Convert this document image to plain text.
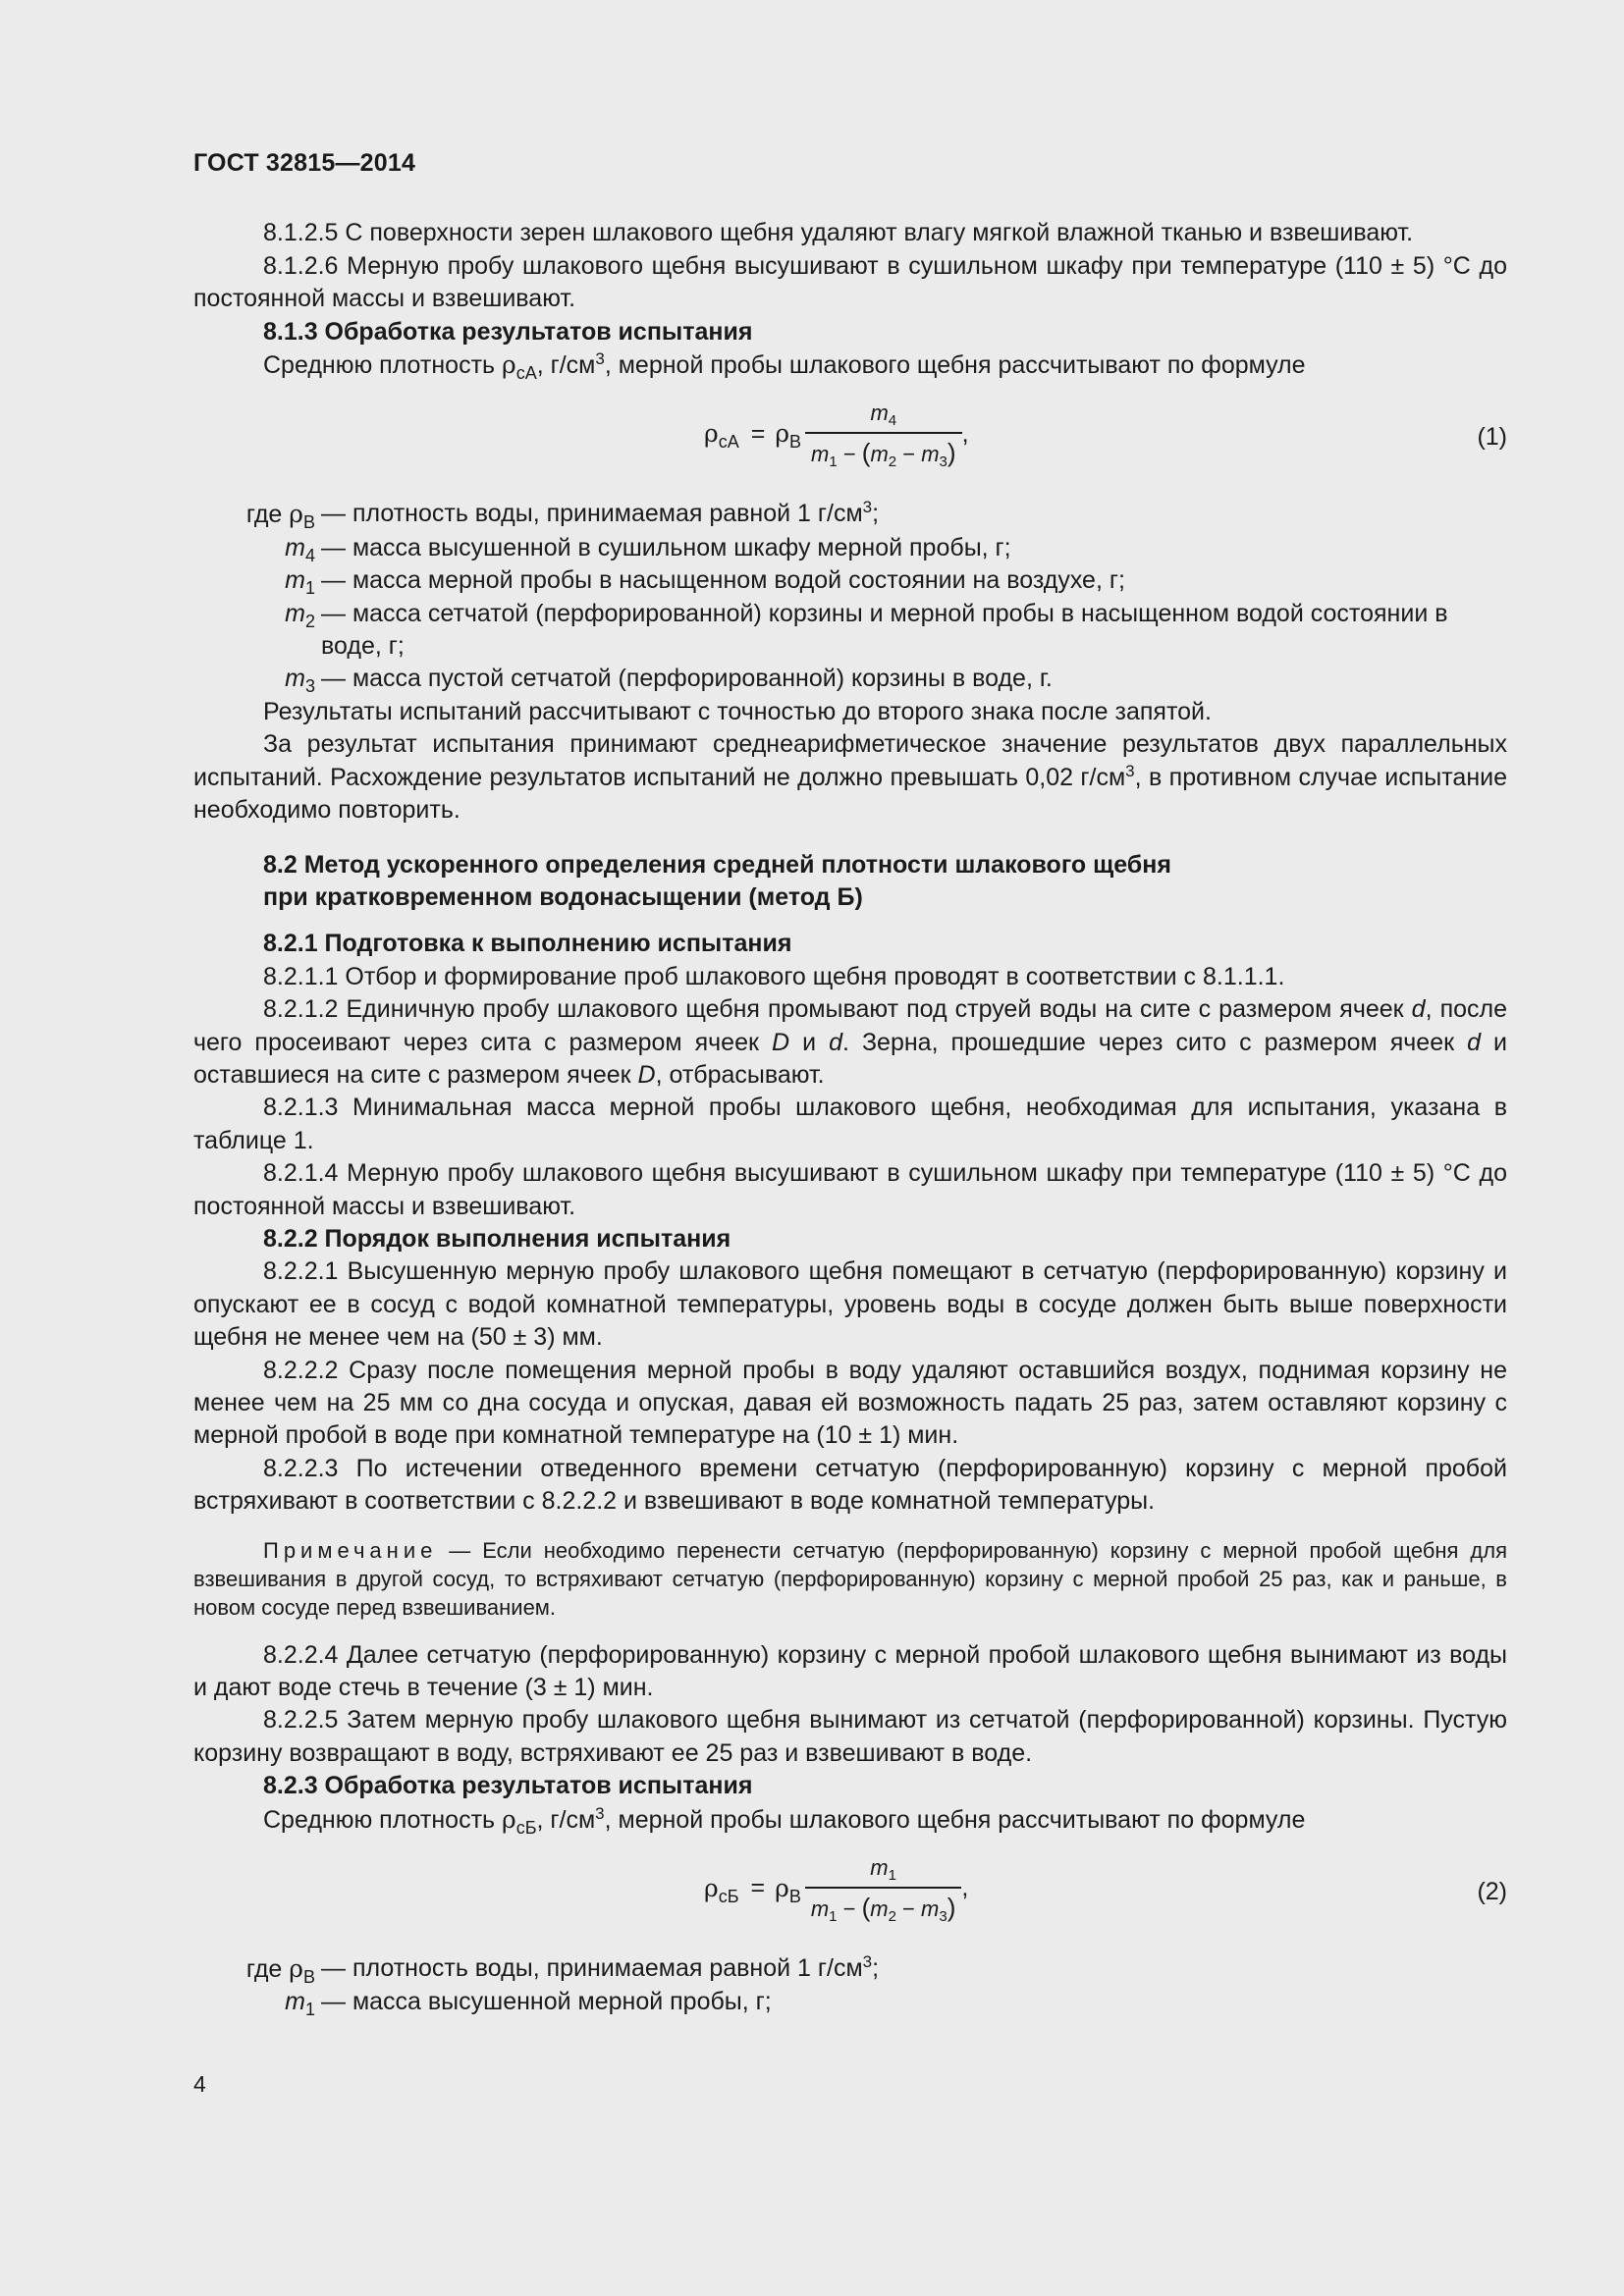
ГОСТ 32815—2014

8.1.2.5 С поверхности зерен шлакового щебня удаляют влагу мягкой влажной тканью и взвешивают.

8.1.2.6 Мерную пробу шлакового щебня высушивают в сушильном шкафу при температуре (110 ± 5) °С до постоянной массы и взвешивают.

8.1.3 Обработка результатов испытания

Среднюю плотность $\rho_{сА}$, $г/см^3$, мерной пробы шлакового щебня рассчитывают по формуле

$\rho_{сА} = \rho_В \frac{m_4}{m_1 - (m_2 - m_3)}$ ,	(1)
где $\rho_В$ — плотность воды, принимаемая равной 1 $г/см^3$;
$m_4$ — масса высушенной в сушильном шкафу мерной пробы, г;
$m_1$ — масса мерной пробы в насыщенном водой состоянии на воздухе, г;
$m_2$ — масса сетчатой (перфорированной) корзины и мерной пробы в насыщенном водой состоянии в воде, г;
$m_3$ — масса пустой сетчатой (перфорированной) корзины в воде, г.

Результаты испытаний рассчитывают с точностью до второго знака после запятой.

За результат испытания принимают среднеарифметическое значение результатов двух параллельных испытаний. Расхождение результатов испытаний не должно превышать 0,02 $г/см^3$, в противном случае испытание необходимо повторить.

8.2 Метод ускоренного определения средней плотности шлакового щебня

при кратковременном водонасыщении (метод Б)

8.2.1 Подготовка к выполнению испытания

8.2.1.1 Отбор и формирование проб шлакового щебня проводят в соответствии с 8.1.1.1.

8.2.1.2 Единичную пробу шлакового щебня промывают под струей воды на сите с размером ячеек d, после чего просеивают через сита с размером ячеек D и d. Зерна, прошедшие через сито с размером ячеек d и оставшиеся на сите с размером ячеек D, отбрасывают.

8.2.1.3 Минимальная масса мерной пробы шлакового щебня, необходимая для испытания, указана в таблице 1.

8.2.1.4 Мерную пробу шлакового щебня высушивают в сушильном шкафу при температуре (110 ± 5) °С до постоянной массы и взвешивают.

8.2.2 Порядок выполнения испытания

8.2.2.1 Высушенную мерную пробу шлакового щебня помещают в сетчатую (перфорированную) корзину и опускают ее в сосуд с водой комнатной температуры, уровень воды в сосуде должен быть выше поверхности щебня не менее чем на (50 ± 3) мм.

8.2.2.2 Сразу после помещения мерной пробы в воду удаляют оставшийся воздух, поднимая корзину не менее чем на 25 мм со дна сосуда и опуская, давая ей возможность падать 25 раз, затем оставляют корзину с мерной пробой в воде при комнатной температуре на (10 ± 1) мин.

8.2.2.3 По истечении отведенного времени сетчатую (перфорированную) корзину с мерной пробой встряхивают в соответствии с 8.2.2.2 и взвешивают в воде комнатной температуры.

Примечание — Если необходимо перенести сетчатую (перфорированную) корзину с мерной пробой щебня для взвешивания в другой сосуд, то встряхивают сетчатую (перфорированную) корзину с мерной пробой 25 раз, как и раньше, в новом сосуде перед взвешиванием.

8.2.2.4 Далее сетчатую (перфорированную) корзину с мерной пробой шлакового щебня вынимают из воды и дают воде стечь в течение (3 ± 1) мин.

8.2.2.5 Затем мерную пробу шлакового щебня вынимают из сетчатой (перфорированной) корзины. Пустую корзину возвращают в воду, встряхивают ее 25 раз и взвешивают в воде.

8.2.3 Обработка результатов испытания

Среднюю плотность $\rho_{сБ}$, $г/см^3$, мерной пробы шлакового щебня рассчитывают по формуле

$\rho_{сБ} = \rho_В \frac{m_1}{m_1 - (m_2 - m_3)}$ ,	(2)
где $\rho_В$ — плотность воды, принимаемая равной 1 $г/см^3$;
$m_1$ — масса высушенной мерной пробы, г;
4
